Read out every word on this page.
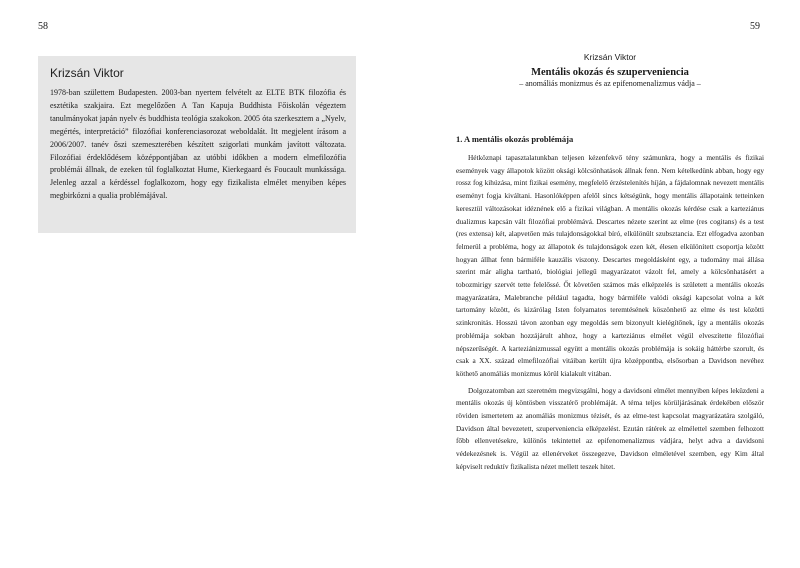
58	59

Krizsán Viktor

1978-ban születtem Budapesten. 2003-ban nyertem felvételt az ELTE BTK filozófia és esztétika szakjaira. Ezt megelőzően A Tan Kapuja Buddhista Főiskolán végeztem tanulmányokat japán nyelv és buddhista teológia szakokon. 2005 óta szerkesztem a „Nyelv, megértés, interpretáció” filozófiai konferenciasorozat weboldalát. Itt megjelent írásom a 2006/2007. tanév őszi szemeszterében készített szigorlati munkám javított változata. Filozófiai érdeklődésem középpontjában az utóbbi időkben a modern elmefilozófia problémái állnak, de ezeken túl foglalkoztat Hume, Kierkegaard és Foucault munkássága. Jelenleg azzal a kérdéssel foglalkozom, hogy egy fizikalista elmélet menyiben képes megbirkózni a qualia problémájával.

Krizsán Viktor

Mentális okozás és szupervenіencia

– anomáliás monizmus és az epifenomenalizmus vádja –

1. A mentális okozás problémája

Hétköznapi tapasztalatunkban teljesen kézenfekvő tény számunkra, hogy a mentális és fizikai események vagy állapotok között oksági kölcsönhatások állnak fenn. Nem kételkedünk abban, hogy egy rossz fog kihúzása, mint fizikai esemény, megfelelő érzéstelenítés híján, a fájdalomnak nevezett mentális eseményt fogja kiváltani. Hasonlóképpen afelől sincs kétségünk, hogy mentális állapotaink tetteinken keresztül változásokat idéznének elő a fizikai világban. A mentális okozás kérdése csak a karteziánus dualizmus kapcsán vált filozófiai problémává. Descartes nézete szerint az elme (res cogitans) és a test (res extensa) két, alapvetően más tulajdonságokkal bíró, elkülönült szubsztancia. Ezt elfogadva azonban felmerül a probléma, hogy az állapotok és tulajdonságok ezen két, élesen elkülönített csoportja között hogyan állhat fenn bármiféle kauzális viszony. Descartes megoldásként egy, a tudomány mai állása szerint már aligha tartható, biológiai jellegű magyarázatot vázolt fel, amely a kölcsönhatásért a tobozmirigy szervét tette felelőssé. Őt követően számos más elképzelés is született a mentális okozás magyarázatára, Malebranche például tagadta, hogy bármiféle valódi oksági kapcsolat volna a két tartomány között, és kizárólag Isten folyamatos teremtésének köszönhető az elme és test közötti szinkronitás. Hosszú távon azonban egy megoldás sem bizonyult kielégítőnek, így a mentális okozás problémája sokban hozzájárult ahhoz, hogy a karteziánus elmélet végül elveszítette filozófiai népszerűségét. A karteziánizmussal együtt a mentális okozás problémája is sokáig háttérbe szorult, és csak a XX. század elmefilozófiai vitáiban került újra középpontba, elsősorban a Davidson nevéhez köthető anomáliás monizmus körül kialakult vitában.

Dolgozatomban azt szeretném megvizsgálni, hogy a davidsoni elmélet mennyiben képes leküzdeni a mentális okozás új köntösben visszatérő problémáját. A téma teljes körüljárásának érdekében először röviden ismertetem az anomáliás monizmus tézisét, és az elme-test kapcsolat magyarázatára szolgáló, Davidson által bevezetett, szupervenіencia elképzelést. Ezután rátérek az elmélettel szemben felhozott főbb ellenvetésekre, különös tekintettel az epifenomenalizmus vádjára, helyt adva a davidsoni védekezésnek is. Végül az ellenérveket összegezve, Davidson elméletével szemben, egy Kim által képviselt reduktív fizikalista nézet mellett teszek hitet.
